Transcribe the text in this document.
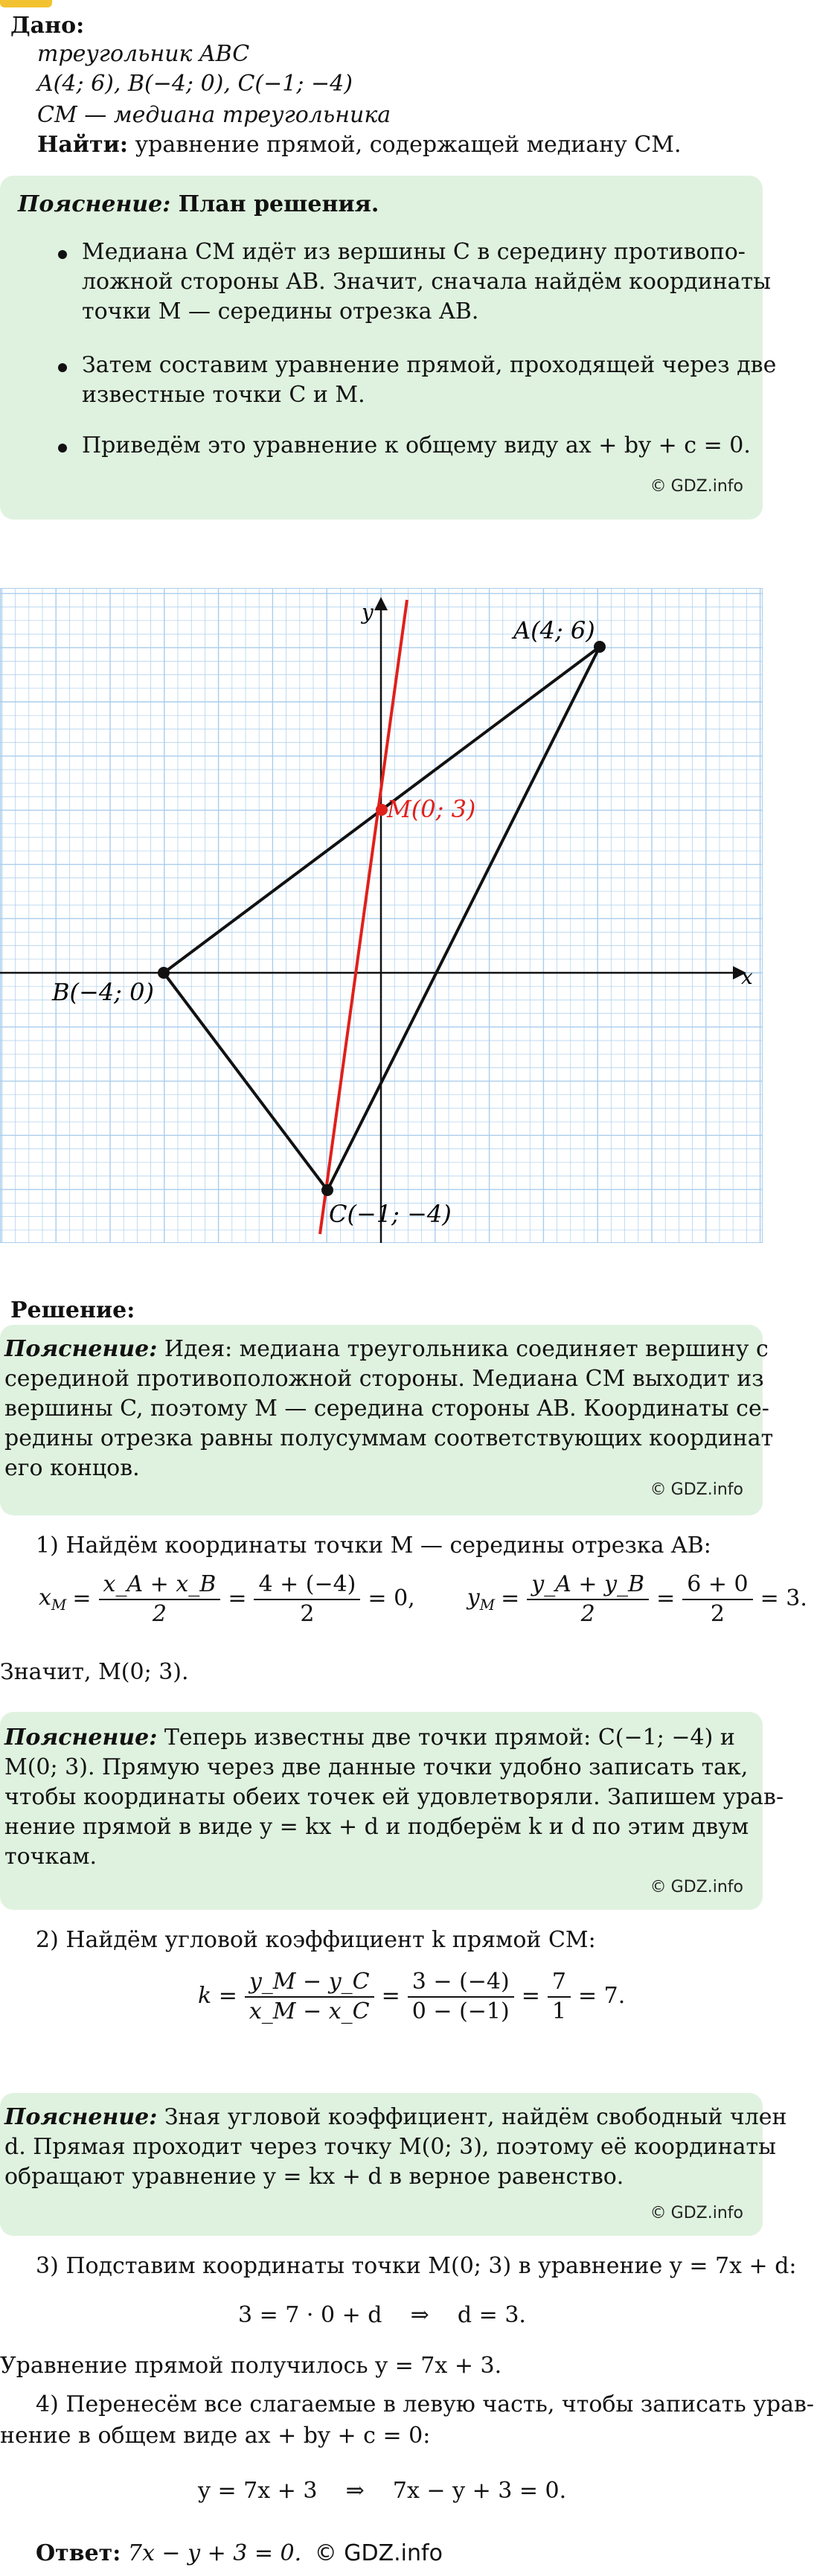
Дано:
треугольник ABC
A(4; 6), B(−4; 0), C(−1; −4)
CM — медиана треугольника
Найти: уравнение прямой, содержащей медиану CM.
Пояснение: План решения.
Медиана CM идёт из вершины C в середину противопо-
ложной стороны AB. Значит, сначала найдём координаты
точки M — середины отрезка AB.
Затем составим уравнение прямой, проходящей через две
известные точки C и M.
Приведём это уравнение к общему виду ax + by + c = 0.
© GDZ.info
x
y
A(4; 6)
B(−4; 0)
C(−1; −4)
M(0; 3)
Решение:
Пояснение: Идея: медиана треугольника соединяет вершину с
серединой противоположной стороны. Медиана CM выходит из
вершины C, поэтому M — середина стороны AB. Координаты се-
редины отрезка равны полусуммам соответствующих координат
его концов.
© GDZ.info
1) Найдём координаты точки M — середины отрезка AB:
$x_M = \frac{x\_A + x\_B}{2} = \frac{4 + (-4)}{2} = 0$, $y_M = \frac{y\_A + y\_B}{2} = \frac{6 + 0}{2} = 3$.
Значит, M(0; 3).
Пояснение: Теперь известны две точки прямой: C(−1; −4) и
M(0; 3). Прямую через две данные точки удобно записать так,
чтобы координаты обеих точек ей удовлетворяли. Запишем урав-
нение прямой в виде y = kx + d и подберём k и d по этим двум
точкам.
© GDZ.info
2) Найдём угловой коэффициент k прямой CM:
$k = \frac{y\_M - y\_C}{x\_M - x\_C} = \frac{3 - (-4)}{0 - (-1)} = \frac{7}{1} = 7$.
Пояснение: Зная угловой коэффициент, найдём свободный член
d. Прямая проходит через точку M(0; 3), поэтому её координаты
обращают уравнение y = kx + d в верное равенство.
© GDZ.info
3) Подставим координаты точки M(0; 3) в уравнение y = 7x + d:
3 = 7 · 0 + d    ⇒    d = 3.
Уравнение прямой получилось y = 7x + 3.
4) Перенесём все слагаемые в левую часть, чтобы записать урав-
нение в общем виде ax + by + c = 0:
y = 7x + 3    ⇒    7x − y + 3 = 0.
Ответ: 7x − y + 3 = 0. © GDZ.info
